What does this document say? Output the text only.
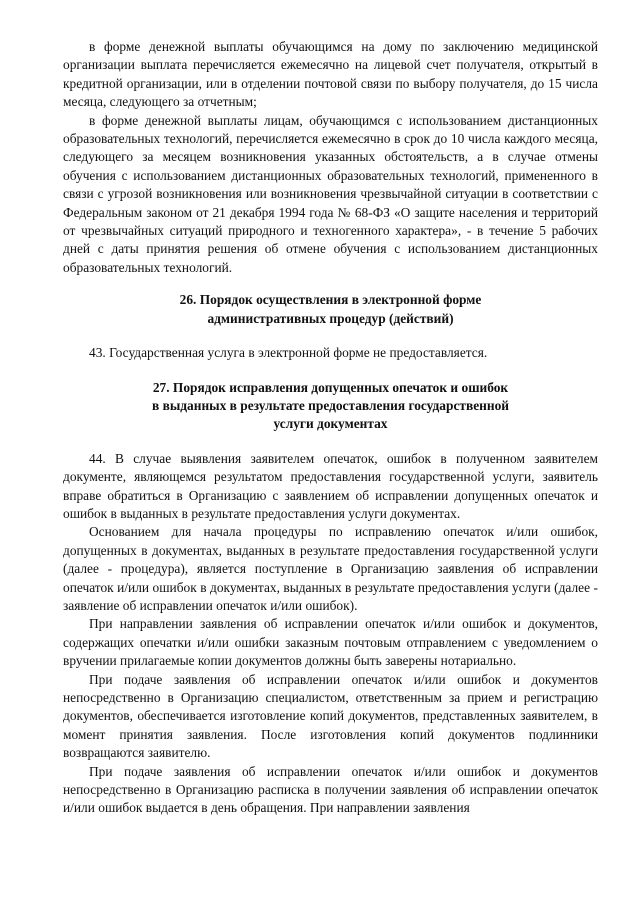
в форме денежной выплаты обучающимся на дому по заключению медицинской организации выплата перечисляется ежемесячно на лицевой счет получателя, открытый в кредитной организации, или в отделении почтовой связи по выбору получателя, до 15 числа месяца, следующего за отчетным;

в форме денежной выплаты лицам, обучающимся с использованием дистанционных образовательных технологий, перечисляется ежемесячно в срок до 10 числа каждого месяца, следующего за месяцем возникновения указанных обстоятельств, а в случае отмены обучения с использованием дистанционных образовательных технологий, примененного в связи с угрозой возникновения или возникновения чрезвычайной ситуации в соответствии с Федеральным законом от 21 декабря 1994 года № 68-ФЗ «О защите населения и территорий от чрезвычайных ситуаций природного и техногенного характера», - в течение 5 рабочих дней с даты принятия решения об отмене обучения с использованием дистанционных образовательных технологий.

26. Порядок осуществления в электронной форме

административных процедур (действий)

43. Государственная услуга в электронной форме не предоставляется.

27. Порядок исправления допущенных опечаток и ошибок

в выданных в результате предоставления государственной

услуги документах

44. В случае выявления заявителем опечаток, ошибок в полученном заявителем документе, являющемся результатом предоставления государственной услуги, заявитель вправе обратиться в Организацию с заявлением об исправлении допущенных опечаток и ошибок в выданных в результате предоставления услуги документах.

Основанием для начала процедуры по исправлению опечаток и/или ошибок, допущенных в документах, выданных в результате предоставления государственной услуги (далее - процедура), является поступление в Организацию заявления об исправлении опечаток и/или ошибок в документах, выданных в результате предоставления услуги (далее - заявление об исправлении опечаток и/или ошибок).

При направлении заявления об исправлении опечаток и/или ошибок и документов, содержащих опечатки и/или ошибки заказным почтовым отправлением с уведомлением о вручении прилагаемые копии документов должны быть заверены нотариально.

При подаче заявления об исправлении опечаток и/или ошибок и документов непосредственно в Организацию специалистом, ответственным за прием и регистрацию документов, обеспечивается изготовление копий документов, представленных заявителем, в момент принятия заявления. После изготовления копий документов подлинники возвращаются заявителю.

При подаче заявления об исправлении опечаток и/или ошибок и документов непосредственно в Организацию расписка в получении заявления об исправлении опечаток и/или ошибок выдается в день обращения. При направлении заявления
